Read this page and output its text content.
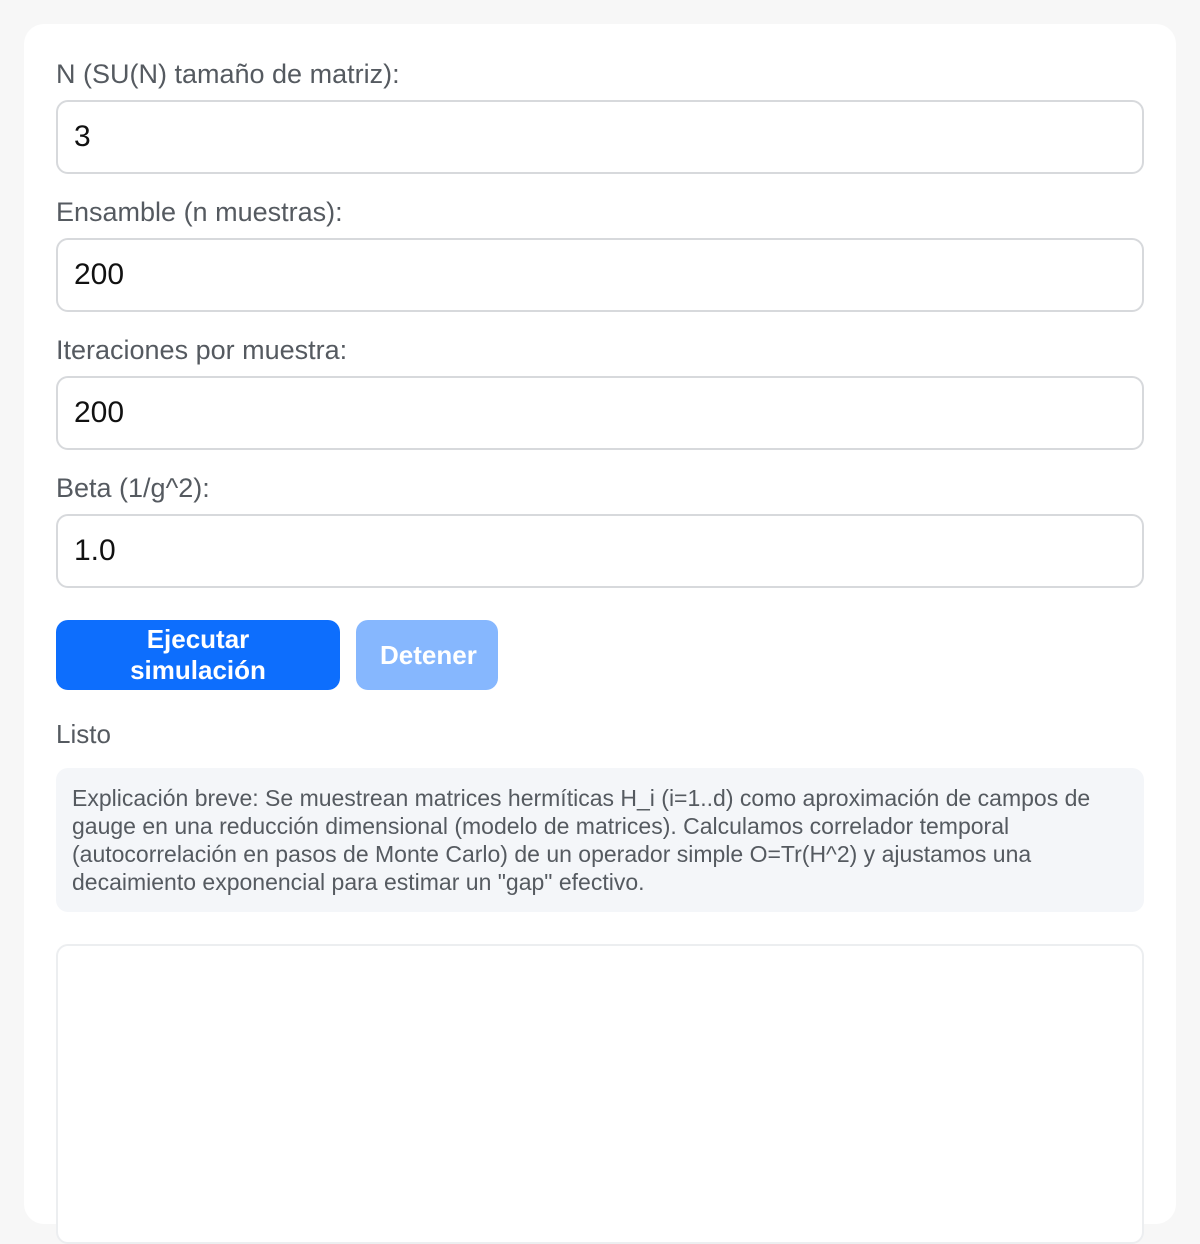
N (SU(N) tamaño de matriz):
3
Ensamble (n muestras):
200
Iteraciones por muestra:
200
Beta (1/g^2):
1.0
Ejecutar simulación
Detener
Listo
Explicación breve: Se muestrean matrices hermíticas H_i (i=1..d) como aproximación de campos de gauge en una reducción dimensional (modelo de matrices). Calculamos correlador temporal (autocorrelación en pasos de Monte Carlo) de un operador simple O=Tr(H^2) y ajustamos una decaimiento exponencial para estimar un "gap" efectivo.
